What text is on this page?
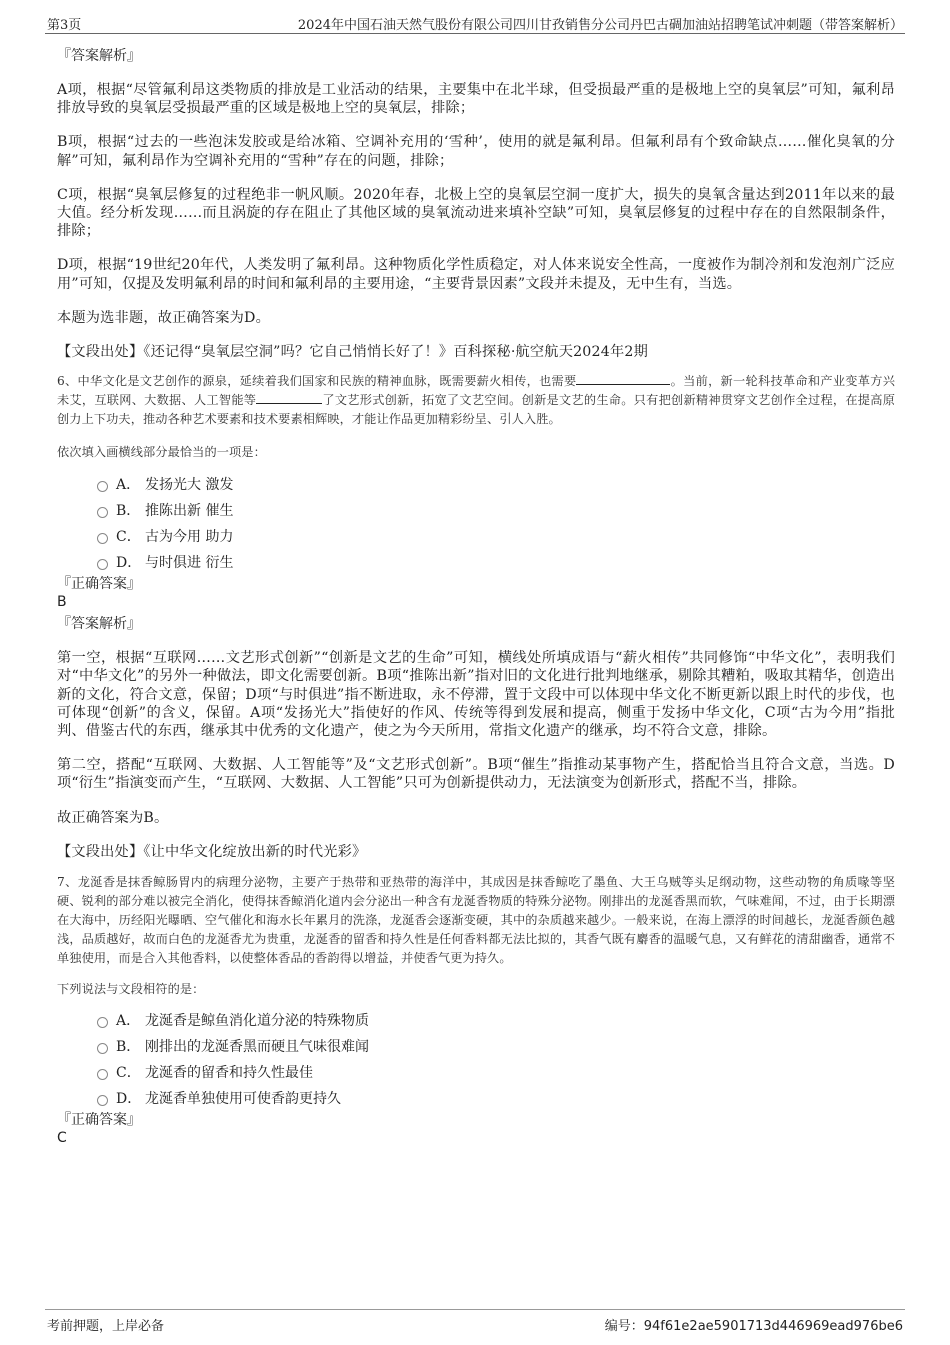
第3页	2024年中国石油天然气股份有限公司四川甘孜销售分公司丹巴古碉加油站招聘笔试冲刺题（带答案解析）
『答案解析』

A项，根据“尽管氟利昂这类物质的排放是工业活动的结果，主要集中在北半球，但受损最严重的是极地上空的臭氧层”可知，氟利昂排放导致的臭氧层受损最严重的区域是极地上空的臭氧层，排除；

B项，根据“过去的一些泡沫发胶或是给冰箱、空调补充用的‘雪种’，使用的就是氟利昂。但氟利昂有个致命缺点……催化臭氧的分解”可知，氟利昂作为空调补充用的“雪种”存在的问题，排除；

C项，根据“臭氧层修复的过程绝非一帆风顺。2020年春，北极上空的臭氧层空洞一度扩大，损失的臭氧含量达到2011年以来的最大值。经分析发现……而且涡旋的存在阻止了其他区域的臭氧流动进来填补空缺”可知，臭氧层修复的过程中存在的自然限制条件，排除；

D项，根据“19世纪20年代，人类发明了氟利昂。这种物质化学性质稳定，对人体来说安全性高，一度被作为制冷剂和发泡剂广泛应用”可知，仅提及发明氟利昂的时间和氟利昂的主要用途，“主要背景因素”文段并未提及，无中生有，当选。

本题为选非题，故正确答案为D。

【文段出处】《还记得“臭氧层空洞”吗？它自己悄悄长好了！》百科探秘·航空航天2024年2期

6、中华文化是文艺创作的源泉，延续着我们国家和民族的精神血脉，既需要薪火相传，也需要	。当前，新一轮科技革命和产业变革方兴未艾，互联网、大数据、人工智能等	了文艺形式创新，拓宽了文艺空间。创新是文艺的生命。只有把创新精神贯穿文艺创作全过程，在提高原创力上下功夫，推动各种艺术要素和技术要素相辉映，才能让作品更加精彩纷呈、引人入胜。

依次填入画横线部分最恰当的一项是：

A． 发扬光大 激发
B． 推陈出新 催生
C． 古为今用 助力
D． 与时俱进 衍生
『正确答案』
B
『答案解析』

第一空，根据“互联网……文艺形式创新”“创新是文艺的生命”可知，横线处所填成语与“薪火相传”共同修饰“中华文化”，表明我们对“中华文化”的另外一种做法，即文化需要创新。B项“推陈出新”指对旧的文化进行批判地继承，剔除其糟粕，吸取其精华，创造出新的文化，符合文意，保留；D项“与时俱进”指不断进取，永不停滞，置于文段中可以体现中华文化不断更新以跟上时代的步伐，也可体现“创新”的含义，保留。A项“发扬光大”指使好的作风、传统等得到发展和提高，侧重于发扬中华文化，C项“古为今用”指批判、借鉴古代的东西，继承其中优秀的文化遗产，使之为今天所用，常指文化遗产的继承，均不符合文意，排除。

第二空，搭配“互联网、大数据、人工智能等”及“文艺形式创新”。B项“催生”指推动某事物产生，搭配恰当且符合文意，当选。D项“衍生”指演变而产生，“互联网、大数据、人工智能”只可为创新提供动力，无法演变为创新形式，搭配不当，排除。

故正确答案为B。

【文段出处】《让中华文化绽放出新的时代光彩》

7、龙涎香是抹香鲸肠胃内的病理分泌物，主要产于热带和亚热带的海洋中，其成因是抹香鲸吃了墨鱼、大王乌贼等头足纲动物，这些动物的角质喙等坚硬、锐利的部分难以被完全消化，使得抹香鲸消化道内会分泌出一种含有龙涎香物质的特殊分泌物。刚排出的龙涎香黑而软，气味难闻，不过，由于长期漂在大海中，历经阳光曝晒、空气催化和海水长年累月的洗涤，龙涎香会逐渐变硬，其中的杂质越来越少。一般来说，在海上漂浮的时间越长，龙涎香颜色越浅，品质越好，故而白色的龙涎香尤为贵重，龙涎香的留香和持久性是任何香料都无法比拟的，其香气既有麝香的温暖气息，又有鲜花的清甜幽香，通常不单独使用，而是合入其他香料，以使整体香品的香韵得以增益，并使香气更为持久。

下列说法与文段相符的是：

A． 龙涎香是鲸鱼消化道分泌的特殊物质
B． 刚排出的龙涎香黑而硬且气味很难闻
C． 龙涎香的留香和持久性最佳
D． 龙涎香单独使用可使香韵更持久
『正确答案』
C
考前押题，上岸必备	编号：94f61e2ae5901713d446969ead976be6
